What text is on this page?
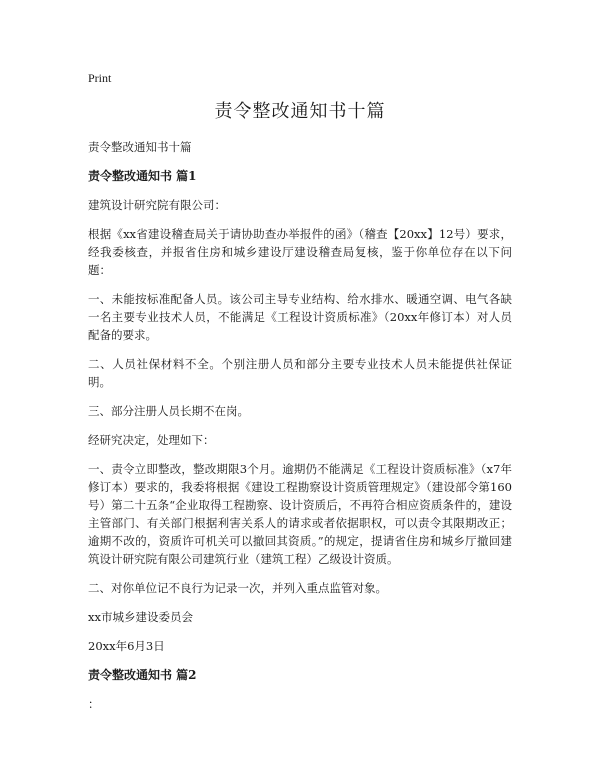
Print
责令整改通知书十篇

责令整改通知书十篇

责令整改通知书 篇1

建筑设计研究院有限公司：

根据《xx省建设稽查局关于请协助查办举报件的函》（稽查【20xx】12号）要求，经我委核查，并报省住房和城乡建设厅建设稽查局复核，鉴于你单位存在以下问题：

一、未能按标准配备人员。该公司主导专业结构、给水排水、暖通空调、电气各缺一名主要专业技术人员，不能满足《工程设计资质标准》（20xx年修订本）对人员配备的要求。

二、人员社保材料不全。个别注册人员和部分主要专业技术人员未能提供社保证明。

三、部分注册人员长期不在岗。

经研究决定，处理如下：

一、责令立即整改，整改期限3个月。逾期仍不能满足《工程设计资质标准》（x7年修订本）要求的，我委将根据《建设工程勘察设计资质管理规定》（建设部令第160号）第二十五条“企业取得工程勘察、设计资质后，不再符合相应资质条件的，建设主管部门、有关部门根据利害关系人的请求或者依据职权，可以责令其限期改正；逾期不改的，资质许可机关可以撤回其资质。”的规定，提请省住房和城乡厅撤回建筑设计研究院有限公司建筑行业（建筑工程）乙级设计资质。

二、对你单位记不良行为记录一次，并列入重点监管对象。

xx市城乡建设委员会

20xx年6月3日

责令整改通知书 篇2

：
